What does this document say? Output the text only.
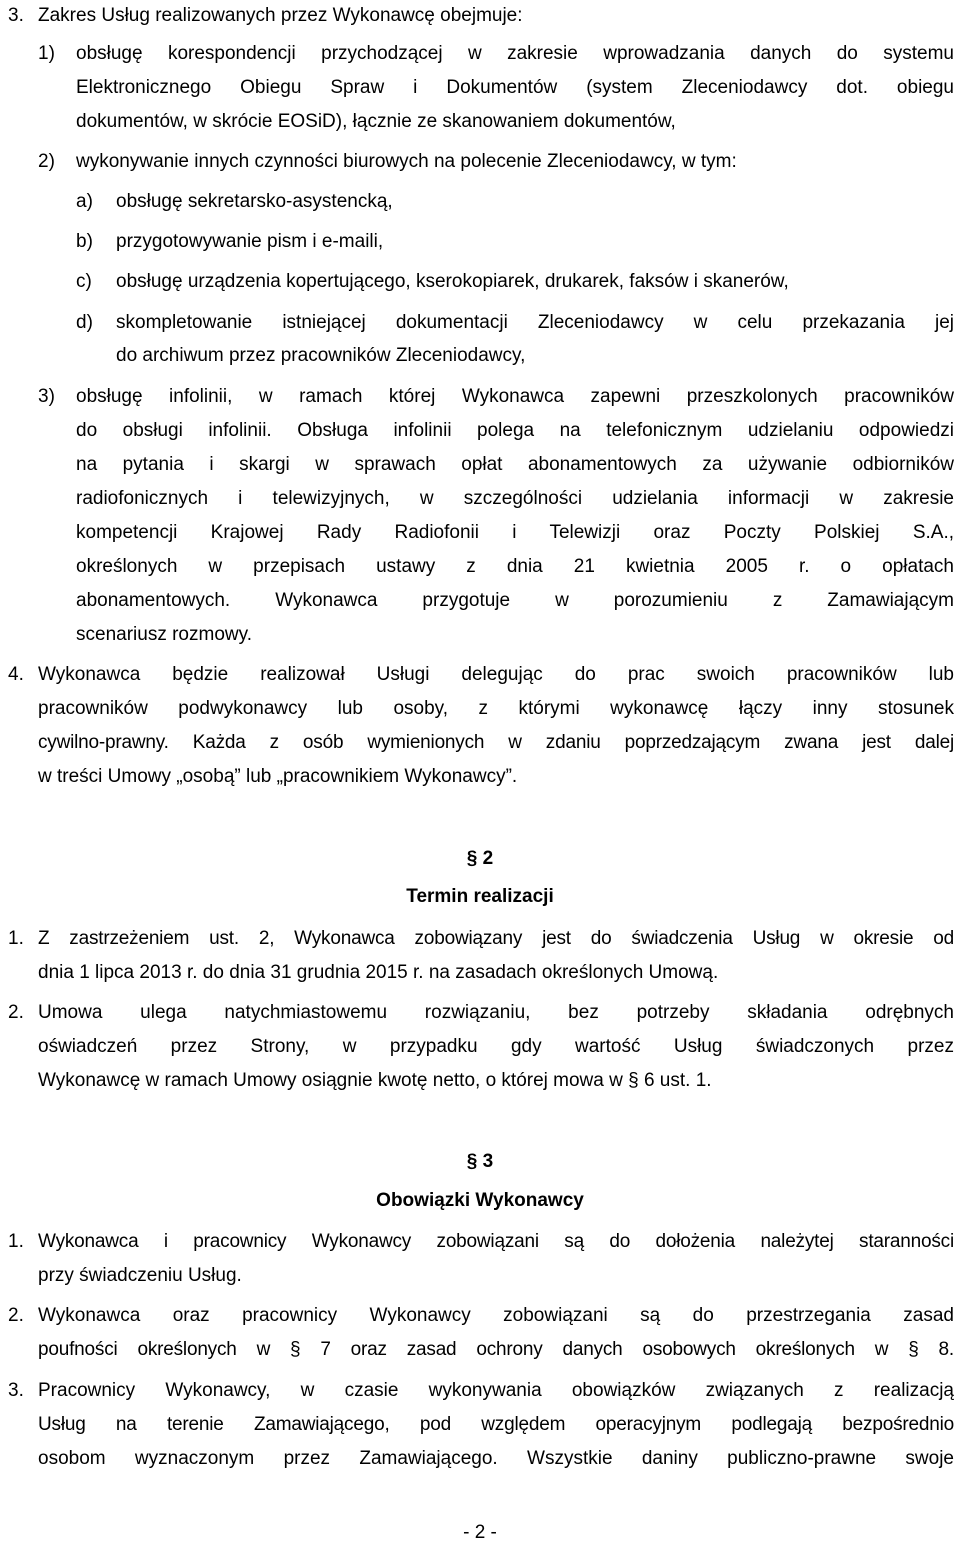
3. Zakres Usług realizowanych przez Wykonawcę obejmuje:
1) obsługę korespondencji przychodzącej w zakresie wprowadzania danych do systemu
Elektronicznego Obiegu Spraw i Dokumentów (system Zleceniodawcy dot. obiegu
dokumentów, w skrócie EOSiD), łącznie ze skanowaniem dokumentów,
2) wykonywanie innych czynności biurowych na polecenie Zleceniodawcy, w tym:
a) obsługę sekretarsko-asystencką,
b) przygotowywanie pism i e-maili,
c) obsługę urządzenia kopertującego, kserokopiarek, drukarek, faksów i skanerów,
d) skompletowanie istniejącej dokumentacji Zleceniodawcy w celu przekazania jej
do archiwum przez pracowników Zleceniodawcy,
3) obsługę infolinii, w ramach której Wykonawca zapewni przeszkolonych pracowników
do obsługi infolinii. Obsługa infolinii polega na telefonicznym udzielaniu odpowiedzi
na pytania i skargi w sprawach opłat abonamentowych za używanie odbiorników
radiofonicznych i telewizyjnych, w szczególności udzielania informacji w zakresie
kompetencji Krajowej Rady Radiofonii i Telewizji oraz Poczty Polskiej S.A.,
określonych w przepisach ustawy z dnia 21 kwietnia 2005 r. o opłatach
abonamentowych. Wykonawca przygotuje w porozumieniu z Zamawiającym
scenariusz rozmowy.
4. Wykonawca będzie realizował Usługi delegując do prac swoich pracowników lub
pracowników podwykonawcy lub osoby, z którymi wykonawcę łączy inny stosunek
cywilno-prawny. Każda z osób wymienionych w zdaniu poprzedzającym zwana jest dalej
w treści Umowy „osobą” lub „pracownikiem Wykonawcy”.
§ 2
Termin realizacji
1. Z zastrzeżeniem ust. 2, Wykonawca zobowiązany jest do świadczenia Usług w okresie od
dnia 1 lipca 2013 r. do dnia 31 grudnia 2015 r. na zasadach określonych Umową.
2. Umowa ulega natychmiastowemu rozwiązaniu, bez potrzeby składania odrębnych
oświadczeń przez Strony, w przypadku gdy wartość Usług świadczonych przez
Wykonawcę w ramach Umowy osiągnie kwotę netto, o której mowa w § 6 ust. 1.
§ 3
Obowiązki Wykonawcy
1. Wykonawca i pracownicy Wykonawcy zobowiązani są do dołożenia należytej staranności
przy świadczeniu Usług.
2. Wykonawca oraz pracownicy Wykonawcy zobowiązani są do przestrzegania zasad
poufności określonych w § 7 oraz zasad ochrony danych osobowych określonych w § 8.
3. Pracownicy Wykonawcy, w czasie wykonywania obowiązków związanych z realizacją
Usług na terenie Zamawiającego, pod względem operacyjnym podlegają bezpośrednio
osobom wyznaczonym przez Zamawiającego. Wszystkie daniny publiczno-prawne swoje
- 2 -
